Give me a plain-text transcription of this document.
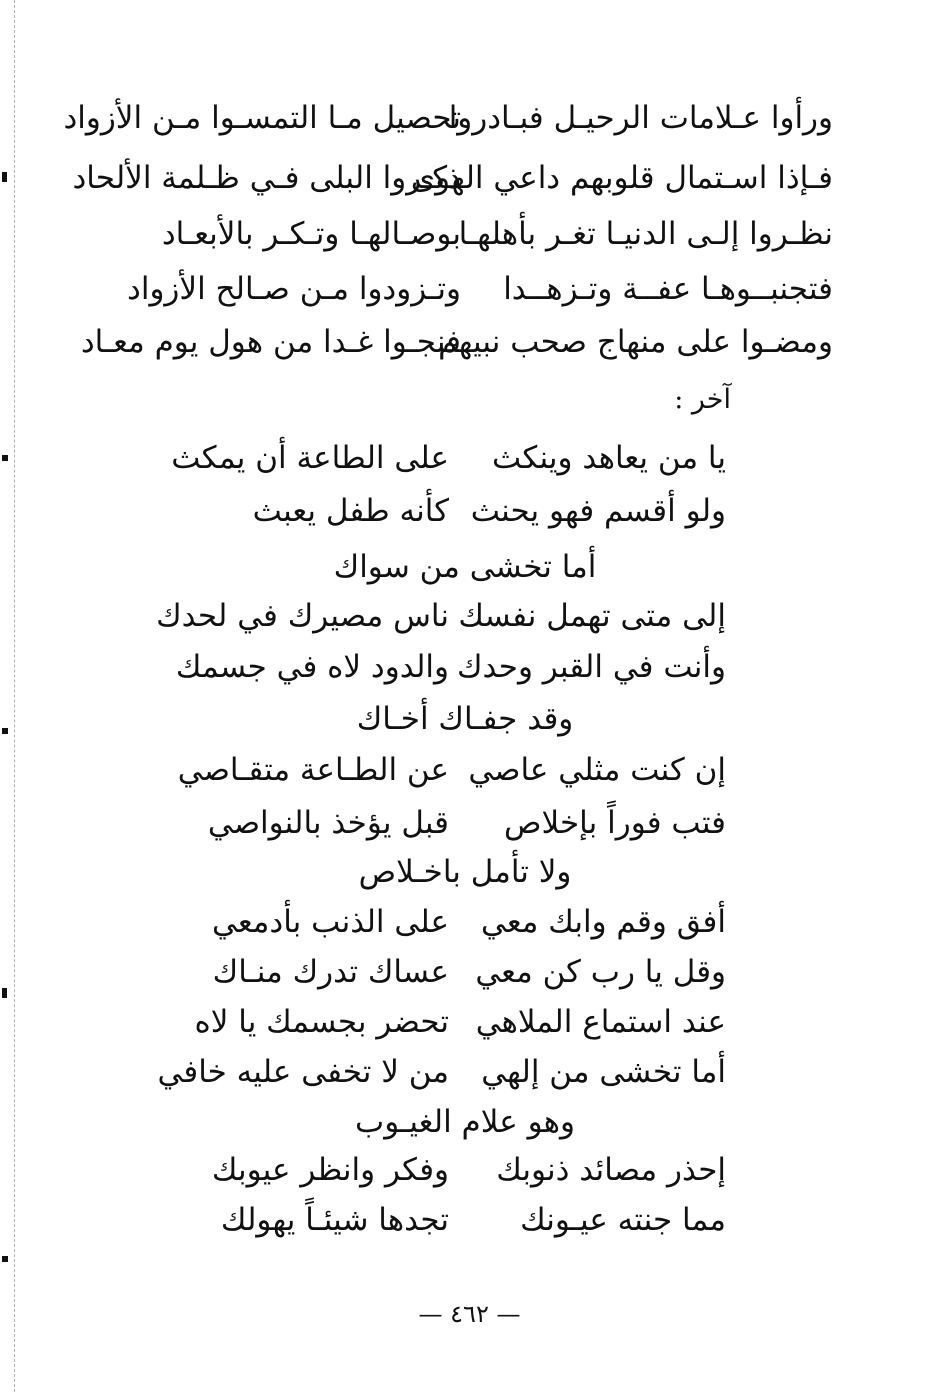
ورأوا عـلامات الرحيـل فبـادروا
تحصيل مـا التمسـوا مـن الأزواد
فـإذا اسـتمال قلوبهم داعي الهوى
ذكـروا البلى فـي ظـلمة الألحاد
نظـروا إلـى الدنيـا تغـر بأهلهـا
بوصـالهـا وتـكـر بالأبعـاد
فتجنبــوهـا عفــة وتـزهــدا
وتـزودوا مـن صـالح الأزواد
ومضـوا على منهاج صحب نبيهم
فنجـوا غـدا من هول يوم معـاد
آخر :
يا من يعاهد وينكث
على الطاعة أن يمكث
ولو أقسم فهو يحنث
كأنه طفل يعبث
أما تخشى من سواك
إلى متى تهمل نفسك
ناس مصيرك في لحدك
وأنت في القبر وحدك
والدود لاه في جسمك
وقد جفـاك أخـاك
إن كنت مثلي عاصي
عن الطـاعة متقـاصي
فتب فوراً بإخلاص
قبل يؤخذ بالنواصي
ولا تأمل باخـلاص
أفق وقم وابك معي
على الذنب بأدمعي
وقل يا رب كن معي
عساك تدرك منـاك
عند استماع الملاهي
تحضر بجسمك يا لاه
أما تخشى من إلهي
من لا تخفى عليه خافي
وهو علام الغيـوب
إحذر مصائد ذنوبك
وفكر وانظر عيوبك
مما جنته عيـونك
تجدها شيئـاً يهولك
— ٤٦٢ —
